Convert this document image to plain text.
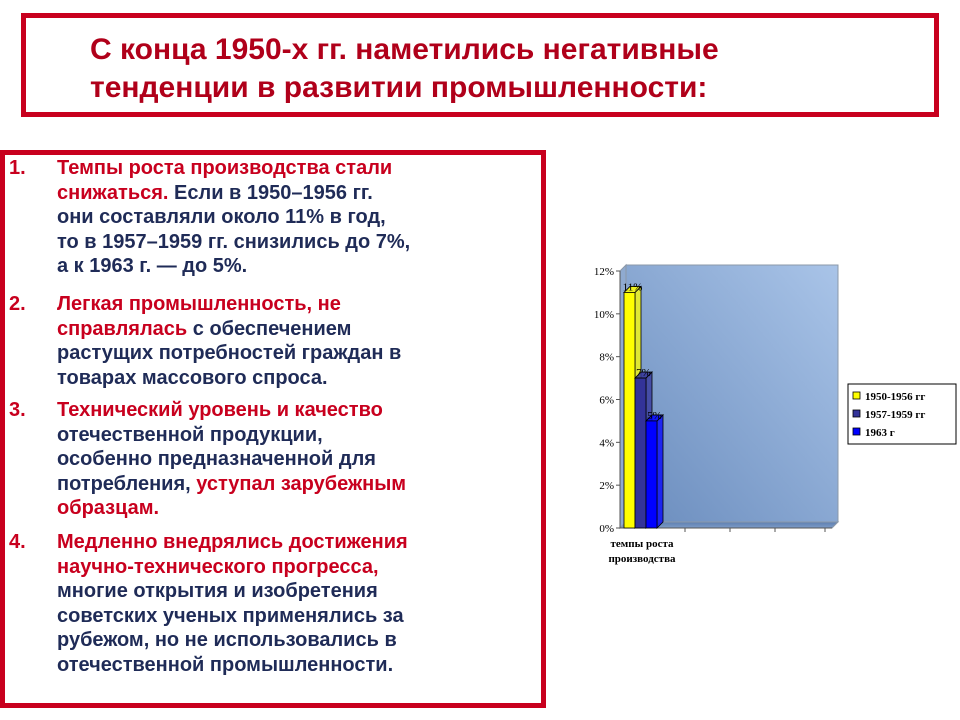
С конца 1950-х гг. наметились негативные
тенденции в развитии промышленности:
1. Темпы роста производства стали
снижаться. Если в 1950–1956 гг.
они составляли около 11% в год,
то в 1957–1959 гг. снизились до 7%,
а к 1963 г. — до 5%.
2. Легкая промышленность, не
справлялась с обеспечением
растущих потребностей граждан в
товарах массового спроса.
3. Технический уровень и качество
отечественной продукции,
особенно предназначенной для
потребления, уступал зарубежным
образцам.
4. Медленно внедрялись достижения
научно-технического прогресса,
многие открытия и изобретения
советских ученых применялись за
рубежом, но не использовались в
отечественной промышленности.
0%
2%
4%
6%
8%
10%
12%
11%
7%
5%
темпы роста
производства
1950-1956 гг
1957-1959 гг
1963 г
